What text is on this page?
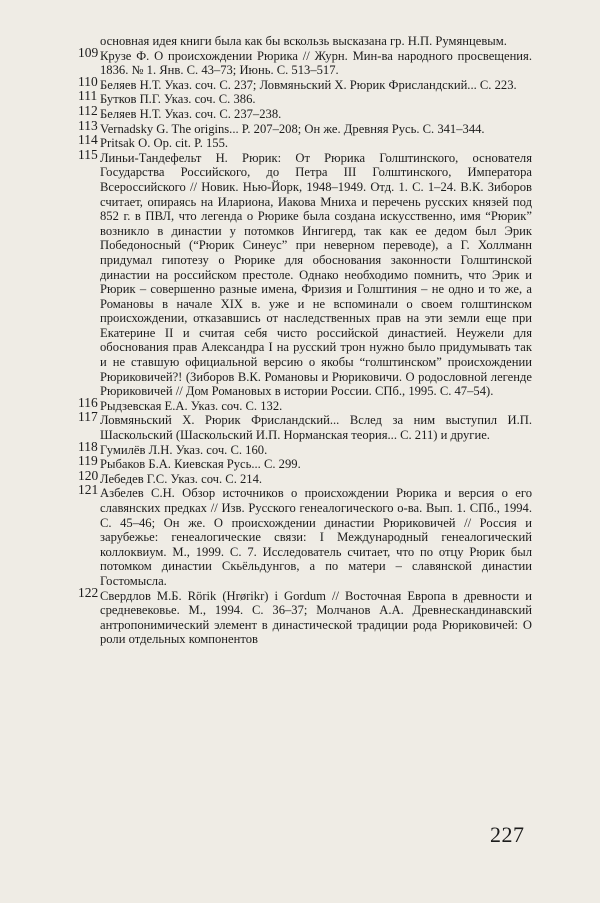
основная идея книги была как бы вскользь высказана гр. Н.П. Румянцевым.

109 Крузе Ф. О происхождении Рюрика // Журн. Мин-ва народного просвещения. 1836. № 1. Янв. С. 43–73; Июнь. С. 513–517.

110 Беляев Н.Т. Указ. соч. С. 237; Ловмяньский Х. Рюрик Фрисландский... С. 223.

111 Бутков П.Г. Указ. соч. С. 386.

112 Беляев Н.Т. Указ. соч. С. 237–238.

113 Vernadsky G. The origins... P. 207–208; Он же. Древняя Русь. С. 341–344.

114 Pritsak O. Op. cit. P. 155.

115 Линьи-Тандефельт Н. Рюрик: От Рюрика Голштинского, основателя Государства Российского, до Петра III Голштинского, Императора Всероссийского // Новик. Нью-Йорк, 1948–1949. Отд. 1. С. 1–24. В.К. Зиборов считает, опираясь на Илариона, Иакова Мниха и перечень русских князей под 852 г. в ПВЛ, что легенда о Рюрике была создана искусственно, имя “Рюрик” возникло в династии у потомков Ингигерд, так как ее дедом был Эрик Победоносный (“Рюрик Синеус” при неверном переводе), а Г. Холлманн придумал гипотезу о Рюрике для обоснования законности Голштинской династии на российском престоле. Однако необходимо помнить, что Эрик и Рюрик – совершенно разные имена, Фризия и Голштиния – не одно и то же, а Романовы в начале XIX в. уже и не вспоминали о своем голштинском происхождении, отказавшись от наследственных прав на эти земли еще при Екатерине II и считая себя чисто российской династией. Неужели для обоснования прав Александра I на русский трон нужно было придумывать так и не ставшую официальной версию о якобы “голштинском” происхождении Рюриковичей?! (Зиборов В.К. Романовы и Рюриковичи. О родословной легенде Рюриковичей // Дом Романовых в истории России. СПб., 1995. С. 47–54).

116 Рыдзевская Е.А. Указ. соч. С. 132.

117 Ловмяньский Х. Рюрик Фрисландский... Вслед за ним выступил И.П. Шаскольский (Шаскольский И.П. Норманская теория... С. 211) и другие.

118 Гумилёв Л.Н. Указ. соч. С. 160.

119 Рыбаков Б.А. Киевская Русь... С. 299.

120 Лебедев Г.С. Указ. соч. С. 214.

121 Азбелев С.Н. Обзор источников о происхождении Рюрика и версия о его славянских предках // Изв. Русского генеалогического о-ва. Вып. 1. СПб., 1994. С. 45–46; Он же. О происхождении династии Рюриковичей // Россия и зарубежье: генеалогические связи: I Международный генеалогический коллоквиум. М., 1999. С. 7. Исследователь считает, что по отцу Рюрик был потомком династии Скьёльдунгов, а по матери – славянской династии Гостомысла.

122 Свердлов М.Б. Rörik (Hrørikr) i Gordum // Восточная Европа в древности и средневековье. М., 1994. С. 36–37; Молчанов А.А. Древнескандинавский антропонимический элемент в династической традиции рода Рюриковичей: О роли отдельных компонентов

227
